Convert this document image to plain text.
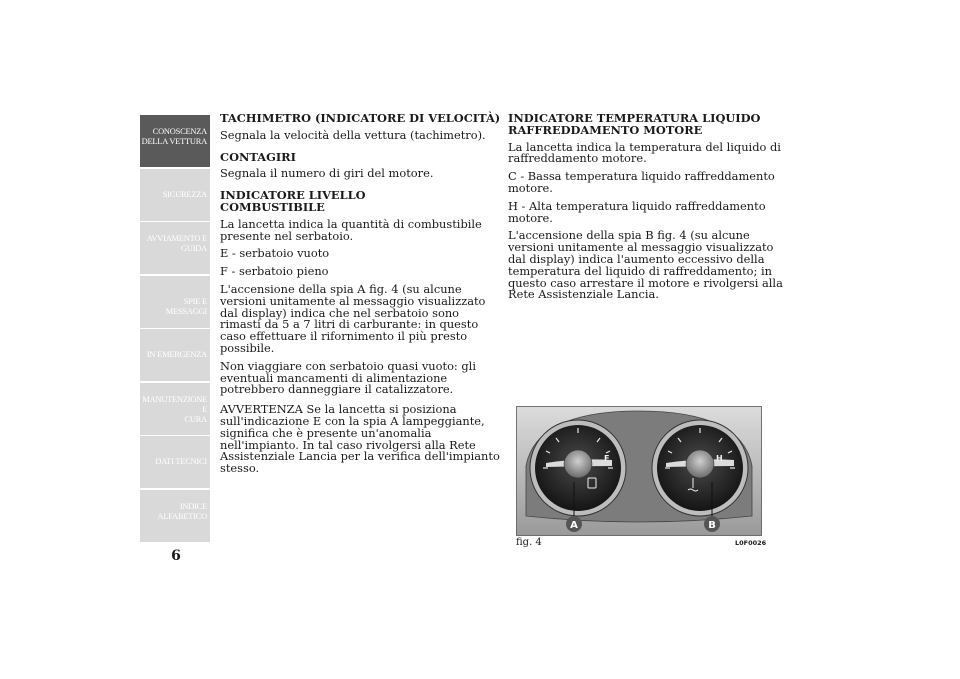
CONOSCENZA
DELLA VETTURA
SICUREZZA
AVVIAMENTO E
GUIDA
SPIE E MESSAGGI
IN EMERGENZA
MANUTENZIONE E
CURA
DATI TECNICI
INDICE
ALFABETICO
6

TACHIMETRO (INDICATORE DI VELOCITÀ)

Segnala la velocità della vettura (tachimetro).

CONTAGIRI

Segnala il numero di giri del motore.

INDICATORE LIVELLO
COMBUSTIBILE

La lancetta indica la quantità di combustibile presente nel serbatoio.

E - serbatoio vuoto

F - serbatoio pieno

L'accensione della spia A fig. 4 (su alcune versioni unitamente al messaggio visualizzato dal display) indica che nel serbatoio sono rimasti da 5 a 7 litri di carburante: in questo caso effettuare il rifornimento il più presto possibile.

Non viaggiare con serbatoio quasi vuoto: gli eventuali mancamenti di alimentazione potrebbero danneggiare il catalizzatore.

AVVERTENZA Se la lancetta si posiziona sull'indicazione E con la spia A lampeggiante, significa che è presente un'anomalia nell'impianto. In tal caso rivolgersi alla Rete Assistenziale Lancia per la verifica dell'impianto stesso.

INDICATORE TEMPERATURA LIQUIDO
RAFFREDDAMENTO MOTORE

La lancetta indica la temperatura del liquido di raffreddamento motore.

C - Bassa temperatura liquido raffreddamento motore.

H - Alta temperatura liquido raffreddamento motore.

L'accensione della spia B fig. 4 (su alcune versioni unitamente al messaggio visualizzato dal display) indica l'aumento eccessivo della temperatura del liquido di raffreddamento; in questo caso arrestare il motore e rivolgersi alla Rete Assistenziale Lancia.

F	H
A	B
fig. 4	L0F0026
